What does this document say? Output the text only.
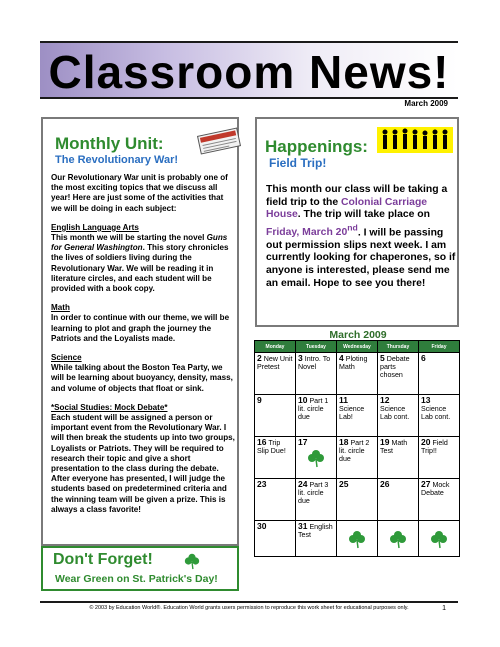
Classroom News!
March 2009
Monthly Unit:
The Revolutionary War!

Our Revolutionary War unit is probably one of the most exciting topics that we discuss all year! Here are just some of the activities that we will be doing in each subject:

English Language Arts
This month we will be starting the novel Guns for General Washington. This story chronicles the lives of soldiers living during the Revolutionary War. We will be reading it in literature circles, and each student will be provided with a book copy.

Math
In order to continue with our theme, we will be learning to plot and graph the journey the Patriots and the Loyalists made.

Science
While talking about the Boston Tea Party, we will be learning about buoyancy, density, mass, and volume of objects that float or sink.

*Social Studies: Mock Debate*
Each student will be assigned a person or important event from the Revolutionary War. I will then break the students up into two groups, Loyalists or Patriots. They will be required to research their topic and give a short presentation to the class during the debate. After everyone has presented, I will judge the students based on predetermined criteria and the winning team will be given a prize. This is always a class favorite!

Don't Forget!
Wear Green on St. Patrick's Day!
Happenings:
Field Trip!
This month our class will be taking a field trip to the Colonial Carriage House. The trip will take place on Friday, March 20nd. I will be passing out permission slips next week. I am currently looking for chaperones, so if anyone is interested, please send me an email. Hope to see you there!
March 2009
Monday	Tuesday	Wednesday	Thursday	Friday
2 New Unit Pretest	3 Intro. To Novel	4 Ploting Math	5 Debate parts chosen	6
9	10 Part 1 lit. circle due	11 Science Lab!	12 Science Lab cont.	13 Science Lab cont.
16 Trip Slip Due!	17	18 Part 2 lit. circle due	19 Math Test	20 Field Trip!!
23	24 Part 3 lit. circle due	25	26	27 Mock Debate
30	31 English Test	

© 2003 by Education World®. Education World grants users permission to reproduce this work sheet for educational purposes only.	1
